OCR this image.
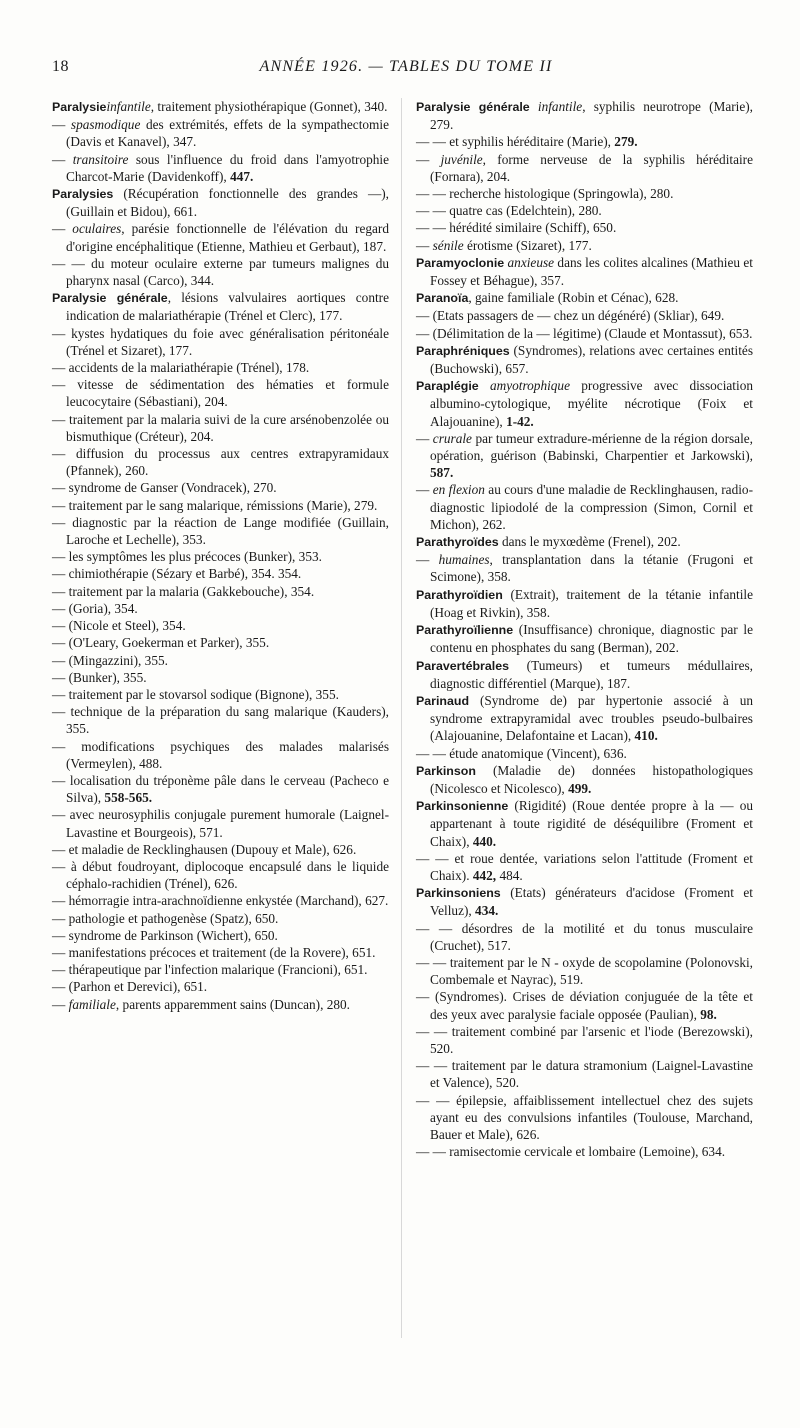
18	ANNÉE 1926. — TABLES DU TOME II

Paralysieinfantile, traitement physiothérapique (Gonnet), 340.

— spasmodique des extrémités, effets de la sympathectomie (Davis et Kanavel), 347.

— transitoire sous l'influence du froid dans l'amyotrophie Charcot-Marie (Davidenkoff), 447.

Paralysies (Récupération fonctionnelle des grandes —), (Guillain et Bidou), 661.

— oculaires, parésie fonctionnelle de l'élévation du regard d'origine encéphalitique (Etienne, Mathieu et Gerbaut), 187.

— — du moteur oculaire externe par tumeurs malignes du pharynx nasal (Carco), 344.

Paralysie générale, lésions valvulaires aortiques contre indication de malariathérapie (Trénel et Clerc), 177.

— kystes hydatiques du foie avec généralisation péritonéale (Trénel et Sizaret), 177.

— accidents de la malariathérapie (Trénel), 178.

— vitesse de sédimentation des hématies et formule leucocytaire (Sébastiani), 204.

— traitement par la malaria suivi de la cure arsénobenzolée ou bismuthique (Créteur), 204.

— diffusion du processus aux centres extrapyramidaux (Pfannek), 260.

— syndrome de Ganser (Vondracek), 270.

— traitement par le sang malarique, rémissions (Marie), 279.

— diagnostic par la réaction de Lange modifiée (Guillain, Laroche et Lechelle), 353.

— les symptômes les plus précoces (Bunker), 353.

— chimiothérapie (Sézary et Barbé), 354. 354.

— traitement par la malaria (Gakkebouche), 354.

— (Goria), 354.

— (Nicole et Steel), 354.

— (O'Leary, Goekerman et Parker), 355.

— (Mingazzini), 355.

— (Bunker), 355.

— traitement par le stovarsol sodique (Bignone), 355.

— technique de la préparation du sang malarique (Kauders), 355.

— modifications psychiques des malades malarisés (Vermeylen), 488.

— localisation du tréponème pâle dans le cerveau (Pacheco e Silva), 558-565.

— avec neurosyphilis conjugale purement humorale (Laignel-Lavastine et Bourgeois), 571.

— et maladie de Recklinghausen (Dupouy et Male), 626.

— à début foudroyant, diplocoque encapsulé dans le liquide céphalo-rachidien (Trénel), 626.

— hémorragie intra-arachnoïdienne enkystée (Marchand), 627.

— pathologie et pathogenèse (Spatz), 650.

— syndrome de Parkinson (Wichert), 650.

— manifestations précoces et traitement (de la Rovere), 651.

— thérapeutique par l'infection malarique (Francioni), 651.

— (Parhon et Derevici), 651.

— familiale, parents apparemment sains (Duncan), 280.

Paralysie générale infantile, syphilis neurotrope (Marie), 279.

— — et syphilis héréditaire (Marie), 279.

— juvénile, forme nerveuse de la syphilis héréditaire (Fornara), 204.

— — recherche histologique (Springowla), 280.

— — quatre cas (Edelchtein), 280.

— — hérédité similaire (Schiff), 650.

— sénile érotisme (Sizaret), 177.

Paramyoclonie anxieuse dans les colites alcalines (Mathieu et Fossey et Béhague), 357.

Paranoïa, gaine familiale (Robin et Cénac), 628.

— (Etats passagers de — chez un dégénéré) (Skliar), 649.

— (Délimitation de la — légitime) (Claude et Montassut), 653.

Paraphréniques (Syndromes), relations avec certaines entités (Buchowski), 657.

Paraplégie amyotrophique progressive avec dissociation albumino-cytologique, myélite nécrotique (Foix et Alajouanine), 1-42.

— crurale par tumeur extradure-mérienne de la région dorsale, opération, guérison (Babinski, Charpentier et Jarkowski), 587.

— en flexion au cours d'une maladie de Recklinghausen, radio-diagnostic lipiodolé de la compression (Simon, Cornil et Michon), 262.

Parathyroïdes dans le myxœdème (Frenel), 202.

— humaines, transplantation dans la tétanie (Frugoni et Scimone), 358.

Parathyroïdien (Extrait), traitement de la tétanie infantile (Hoag et Rivkin), 358.

Parathyroïlienne (Insuffisance) chronique, diagnostic par le contenu en phosphates du sang (Berman), 202.

Paravertébrales (Tumeurs) et tumeurs médullaires, diagnostic différentiel (Marque), 187.

Parinaud (Syndrome de) par hypertonie associé à un syndrome extrapyramidal avec troubles pseudo-bulbaires (Alajouanine, Delafontaine et Lacan), 410.

— — étude anatomique (Vincent), 636.

Parkinson (Maladie de) données histopathologiques (Nicolesco et Nicolesco), 499.

Parkinsonienne (Rigidité) (Roue dentée propre à la — ou appartenant à toute rigidité de déséquilibre (Froment et Chaix), 440.

— — et roue dentée, variations selon l'attitude (Froment et Chaix). 442, 484.

Parkinsoniens (Etats) générateurs d'acidose (Froment et Velluz), 434.

— — désordres de la motilité et du tonus musculaire (Cruchet), 517.

— — traitement par le N - oxyde de scopolamine (Polonovski, Combemale et Nayrac), 519.

— (Syndromes). Crises de déviation conjuguée de la tête et des yeux avec paralysie faciale opposée (Paulian), 98.

— — traitement combiné par l'arsenic et l'iode (Berezowski), 520.

— — traitement par le datura stramonium (Laignel-Lavastine et Valence), 520.

— — épilepsie, affaiblissement intellectuel chez des sujets ayant eu des convulsions infantiles (Toulouse, Marchand, Bauer et Male), 626.

— — ramisectomie cervicale et lombaire (Lemoine), 634.
